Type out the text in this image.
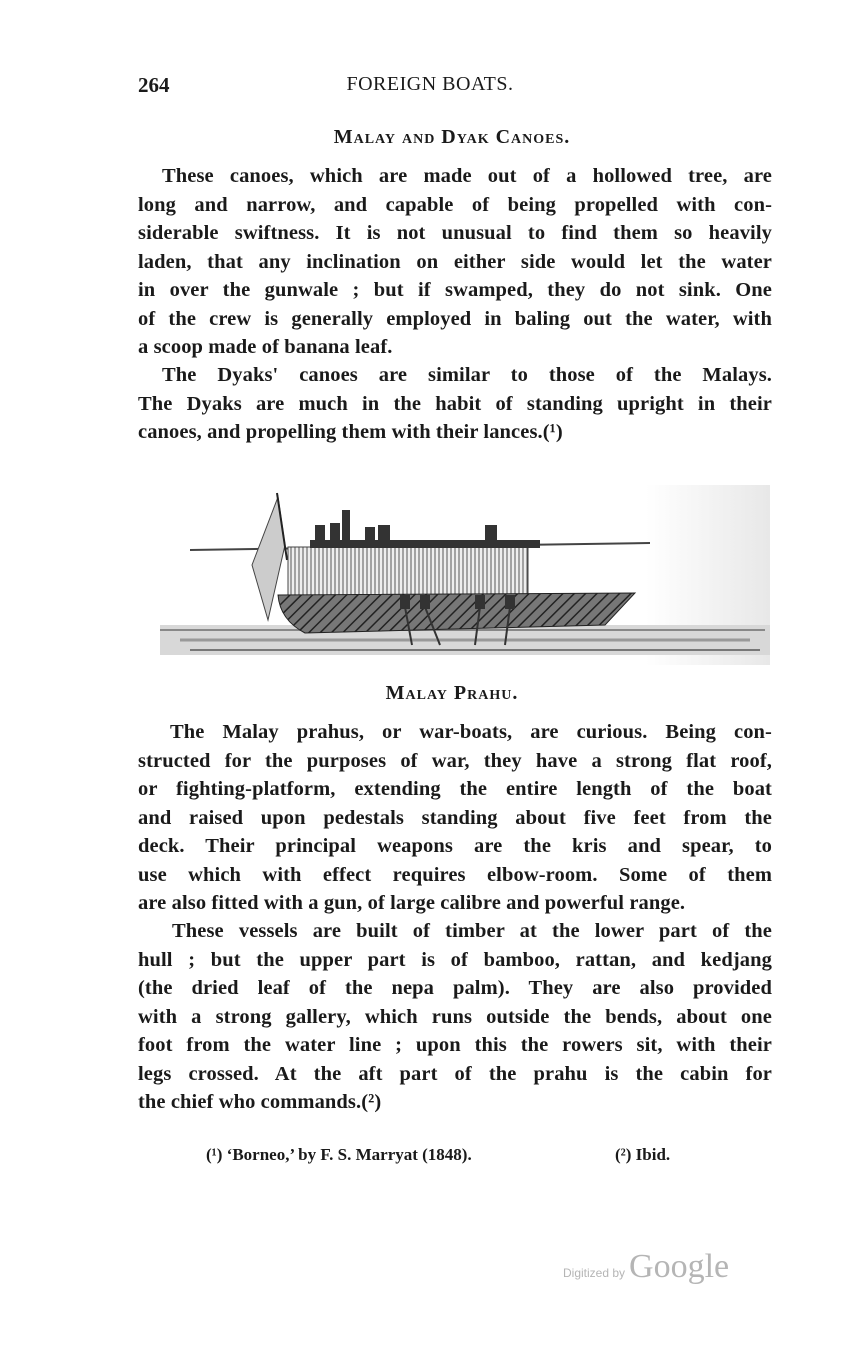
264	FOREIGN BOATS.
Malay and Dyak Canoes.
These canoes, which are made out of a hollowed tree, are
long and narrow, and capable of being propelled with con-
siderable swiftness. It is not unusual to find them so heavily
laden, that any inclination on either side would let the water
in over the gunwale ; but if swamped, they do not sink. One
of the crew is generally employed in baling out the water, with
a scoop made of banana leaf.
The Dyaks' canoes are similar to those of the Malays.
The Dyaks are much in the habit of standing upright in their
canoes, and propelling them with their lances.(¹)
Malay Prahu.
The Malay prahus, or war-boats, are curious. Being con-
structed for the purposes of war, they have a strong flat roof,
or fighting-platform, extending the entire length of the boat
and raised upon pedestals standing about five feet from the
deck. Their principal weapons are the kris and spear, to
use which with effect requires elbow-room. Some of them
are also fitted with a gun, of large calibre and powerful range.
These vessels are built of timber at the lower part of the
hull ; but the upper part is of bamboo, rattan, and kedjang
(the dried leaf of the nepa palm). They are also provided
with a strong gallery, which runs outside the bends, about one
foot from the water line ; upon this the rowers sit, with their
legs crossed. At the aft part of the prahu is the cabin for
the chief who commands.(²)
(¹) ‘Borneo,’ by F. S. Marryat (1848).	(²) Ibid.
Digitized by Google
